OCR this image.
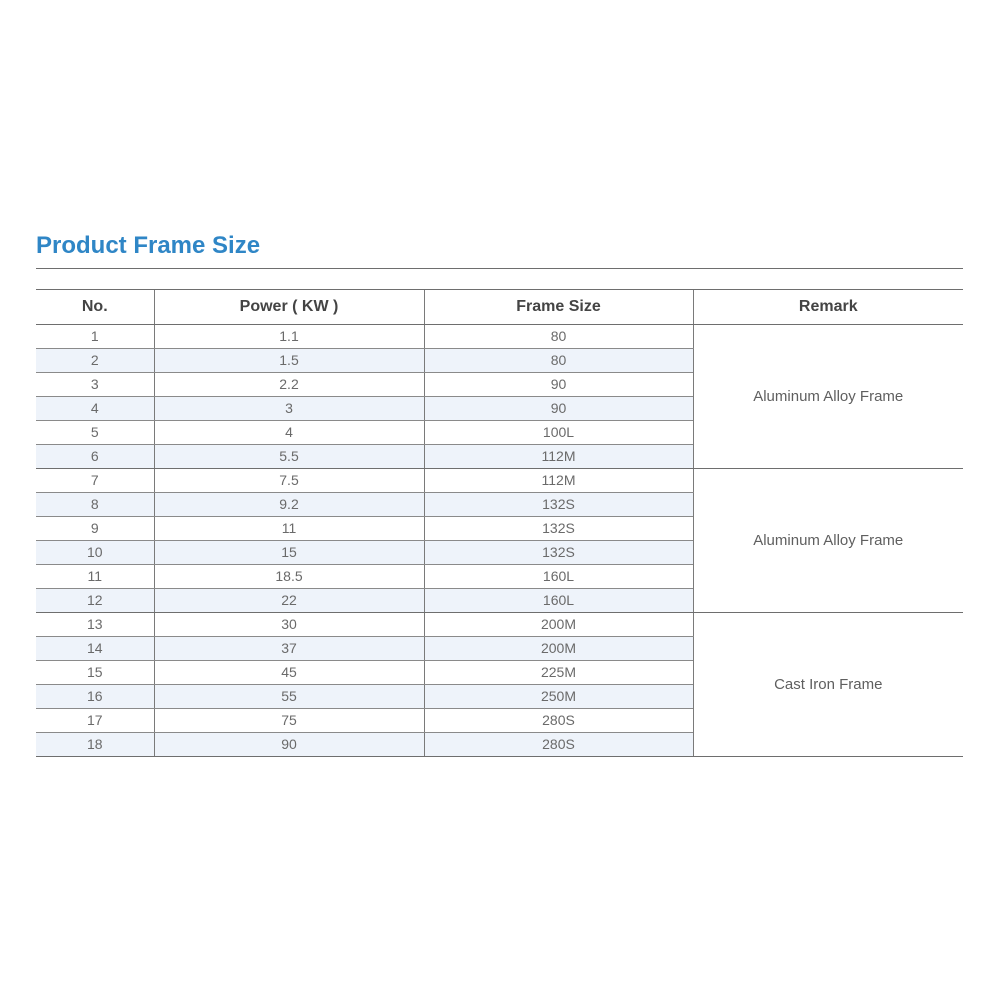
Product Frame Size
No.	Power ( KW )	Frame Size	Remark
1	1.1	80	Aluminum Alloy Frame
2	1.5	80	
3	2.2	90	
4	3	90	
5	4	100L	
6	5.5	112M	
7	7.5	112M	Aluminum Alloy Frame
8	9.2	132S	
9	11	132S	
10	15	132S	
11	18.5	160L	
12	22	160L	
13	30	200M	Cast Iron Frame
14	37	200M	
15	45	225M	
16	55	250M	
17	75	280S	
18	90	280S	
